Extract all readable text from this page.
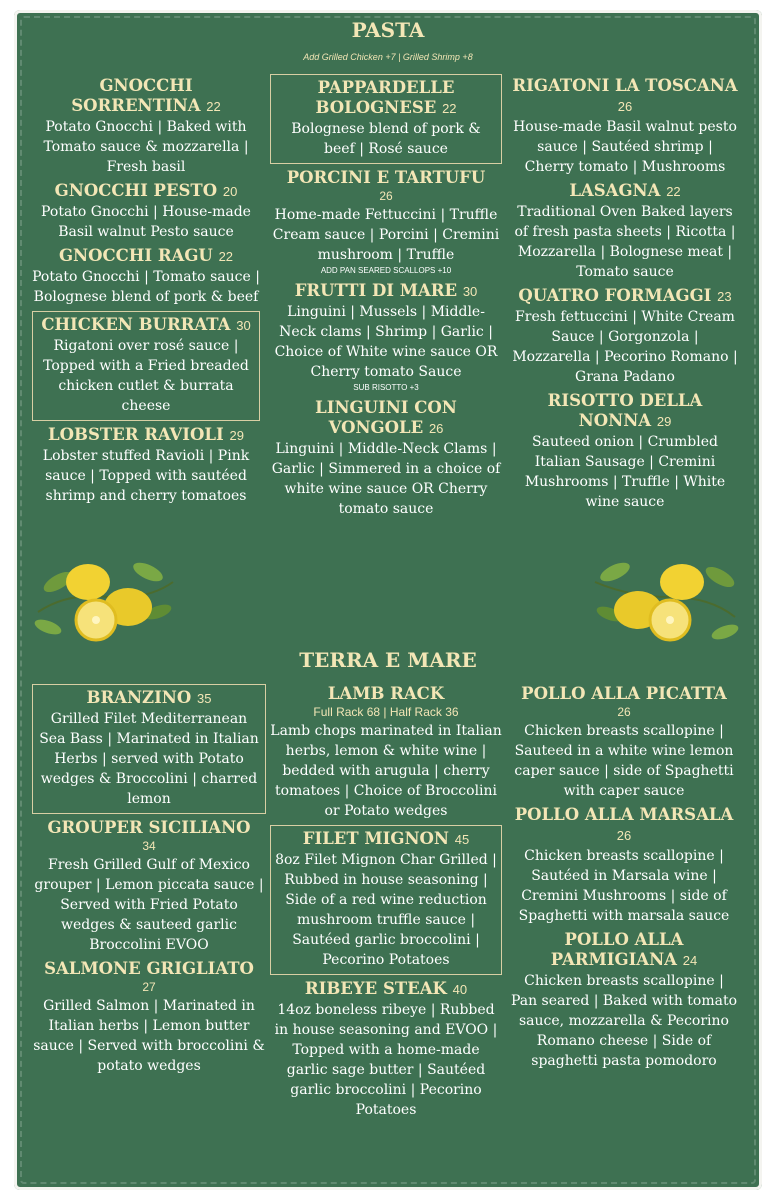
PASTA
Add Grilled Chicken +7 | Grilled Shrimp +8
GNOCCHI SORRENTINA 22
Potato Gnocchi | Baked with Tomato sauce & mozzarella | Fresh basil
GNOCCHI PESTO 20
Potato Gnocchi | House-made Basil walnut Pesto sauce
GNOCCHI RAGU 22
Potato Gnocchi | Tomato sauce | Bolognese blend of pork & beef
CHICKEN BURRATA 30
Rigatoni over rosé sauce | Topped with a Fried breaded chicken cutlet & burrata cheese
LOBSTER RAVIOLI 29
Lobster stuffed Ravioli | Pink sauce | Topped with sautéed shrimp and cherry tomatoes
PAPPARDELLE BOLOGNESE 22
Bolognese blend of pork & beef | Rosé sauce
PORCINI E TARTUFU
26
Home-made Fettuccini | Truffle Cream sauce | Porcini | Cremini mushroom | Truffle
ADD PAN SEARED SCALLOPS +10
FRUTTI DI MARE 30
Linguini | Mussels | Middle-Neck clams | Shrimp | Garlic | Choice of White wine sauce OR Cherry tomato Sauce
SUB RISOTTO +3
LINGUINI CON VONGOLE 26
Linguini | Middle-Neck Clams | Garlic | Simmered in a choice of white wine sauce OR Cherry tomato sauce
RIGATONI LA TOSCANA 26
House-made Basil walnut pesto sauce | Sautéed shrimp | Cherry tomato | Mushrooms
LASAGNA 22
Traditional Oven Baked layers of fresh pasta sheets | Ricotta | Mozzarella | Bolognese meat | Tomato sauce
QUATRO FORMAGGI 23
Fresh fettuccini | White Cream Sauce | Gorgonzola | Mozzarella | Pecorino Romano | Grana Padano
RISOTTO DELLA NONNA 29
Sauteed onion | Crumbled Italian Sausage | Cremini Mushrooms | Truffle | White wine sauce
TERRA E MARE
BRANZINO 35
Grilled Filet Mediterranean Sea Bass | Marinated in Italian Herbs | served with Potato wedges & Broccolini | charred lemon
GROUPER SICILIANO
34
Fresh Grilled Gulf of Mexico grouper | Lemon piccata sauce | Served with Fried Potato wedges & sauteed garlic Broccolini EVOO
SALMONE GRIGLIATO
27
Grilled Salmon | Marinated in Italian herbs | Lemon butter sauce | Served with broccolini & potato wedges
LAMB RACK
Full Rack 68 | Half Rack 36
Lamb chops marinated in Italian herbs, lemon & white wine | bedded with arugula | cherry tomatoes | Choice of Broccolini or Potato wedges
FILET MIGNON 45
8oz Filet Mignon Char Grilled | Rubbed in house seasoning | Side of a red wine reduction mushroom truffle sauce | Sautéed garlic broccolini | Pecorino Potatoes
RIBEYE STEAK 40
14oz boneless ribeye | Rubbed in house seasoning and EVOO | Topped with a home-made garlic sage butter | Sautéed garlic broccolini | Pecorino Potatoes
POLLO ALLA PICATTA
26
Chicken breasts scallopine | Sauteed in a white wine lemon caper sauce | side of Spaghetti with caper sauce
POLLO ALLA MARSALA 26
Chicken breasts scallopine | Sautéed in Marsala wine | Cremini Mushrooms | side of Spaghetti with marsala sauce
POLLO ALLA PARMIGIANA 24
Chicken breasts scallopine | Pan seared | Baked with tomato sauce, mozzarella & Pecorino Romano cheese | Side of spaghetti pasta pomodoro
